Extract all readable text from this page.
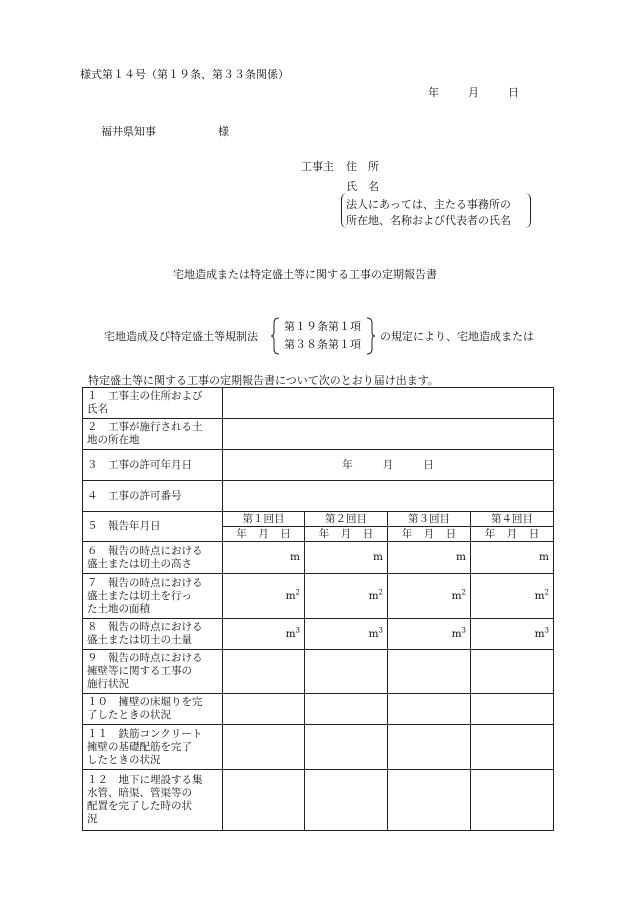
様式第１４号（第１９条、第３３条関係）
年	月	日
福井県知事	様
工事主 住　所
氏　名
法人にあっては、主たる事務所の
所在地、名称および代表者の氏名
宅地造成または特定盛土等に関する工事の定期報告書
宅地造成及び特定盛土等規制法
第１９条第１項
第３８条第１項
の規定により、宅地造成または
特定盛土等に関する工事の定期報告書について次のとおり届け出ます。
１　工事主の住所および
氏名				
２　工事が施行される土
地の所在地				
３　工事の許可年月日	年 月 日			
４　工事の許可番号				
５　報告年月日	第１回目	第２回目	第３回目	第４回目
	年 月 日	年 月 日	年 月 日	年 月 日
６　報告の時点における
盛土または切土の高さ	m	m	m	m
７　報告の時点における
盛土または切土を行っ
た土地の面積	$m^2$	$m^2$	$m^2$	$m^2$
８　報告の時点における
盛土または切土の土量	$m^3$	$m^3$	$m^3$	$m^3$
９　報告の時点における
擁壁等に関する工事の
施行状況				
１０　擁壁の床堀りを完
了したときの状況				
１１　鉄筋コンクリート
擁壁の基礎配筋を完了
したときの状況				
１２　地下に埋設する集
水管、暗渠、管渠等の
配置を完了した時の状
況				
